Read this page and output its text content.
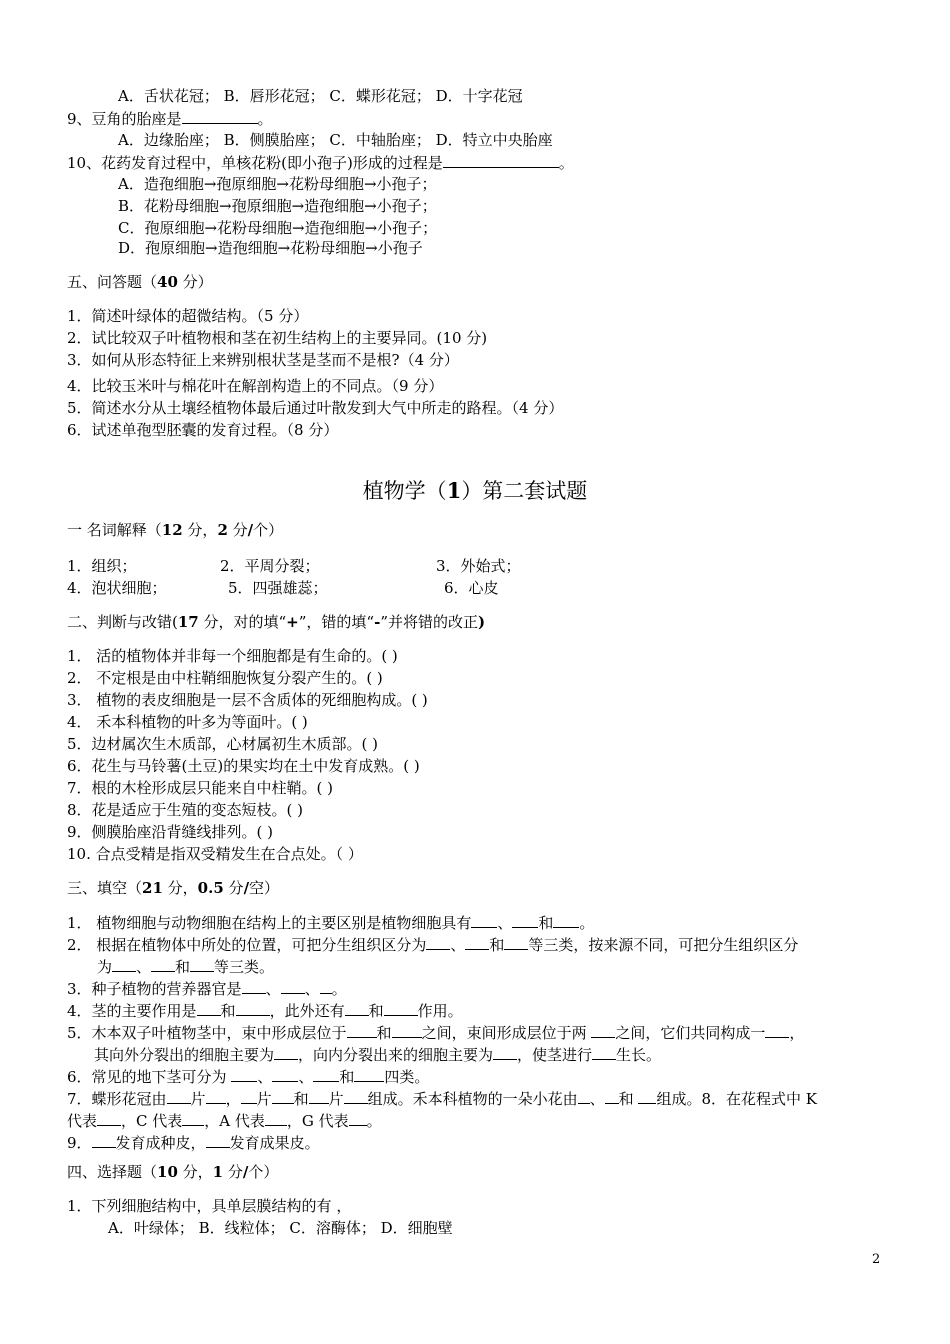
A．舌状花冠； B．唇形花冠； C．蝶形花冠； D．十字花冠
9、豆角的胎座是	。
A．边缘胎座； B．侧膜胎座； C．中轴胎座； D．特立中央胎座
10、花药发育过程中，单核花粉(即小孢子)形成的过程是	。
A．造孢细胞→孢原细胞→花粉母细胞→小孢子；
B．花粉母细胞→孢原细胞→造孢细胞→小孢子；
C．孢原细胞→花粉母细胞→造孢细胞→小孢子；
D．孢原细胞→造孢细胞→花粉母细胞→小孢子
五、问答题（40 分）
1．简述叶绿体的超微结构。（5 分）
2．试比较双子叶植物根和茎在初生结构上的主要异同。(10 分)
3．如何从形态特征上来辨别根状茎是茎而不是根?（4 分）
4．比较玉米叶与棉花叶在解剖构造上的不同点。（9 分）
5．简述水分从土壤经植物体最后通过叶散发到大气中所走的路程。（4 分）
6．试述单孢型胚囊的发育过程。（8 分）
植物学（1）第二套试题
一 名词解释（12 分，2 分/个）
1．组织；	2．平周分裂；	3．外始式；
4．泡状细胞；	5．四强雄蕊；	6．心皮
二、判断与改错(17 分，对的填“+”，错的填“-”并将错的改正)
1． 活的植物体并非每一个细胞都是有生命的。( )
2． 不定根是由中柱鞘细胞恢复分裂产生的。( )
3． 植物的表皮细胞是一层不含质体的死细胞构成。( )
4． 禾本科植物的叶多为等面叶。( )
5．边材属次生木质部，心材属初生木质部。( )
6．花生与马铃薯(土豆)的果实均在土中发育成熟。( )
7．根的木栓形成层只能来自中柱鞘。( )
8．花是适应于生殖的变态短枝。( )
9．侧膜胎座沿背缝线排列。( )
10. 合点受精是指双受精发生在合点处。（ ）
三、填空（21 分，0.5 分/空）
1． 植物细胞与动物细胞在结构上的主要区别是植物细胞具有 、 和 。
2． 根据在植物体中所处的位置，可把分生组织区分为 、 和 等三类，按来源不同，可把分生组织区分
为 、 和 等三类。
3．种子植物的营养器官是 、 、 。
4．茎的主要作用是 和 ，此外还有 和 作用。
5．木本双子叶植物茎中，束中形成层位于 和 之间，束间形成层位于两 之间，它们共同构成一 ，
其向外分裂出的细胞主要为 ，向内分裂出来的细胞主要为 ，使茎进行 生长。
6．常见的地下茎可分为 、 、 和 四类。
7．蝶形花冠由 片 ， 片 和 片 组成。禾本科植物的一朵小花由 、 和 组成。8．在花程式中 K
代表 ，C 代表 ，A 代表 ，G 代表 。
9． 发育成种皮， 发育成果皮。
四、选择题（10 分，1 分/个）
1．下列细胞结构中，具单层膜结构的有 ，
A．叶绿体； B．线粒体； C．溶酶体； D．细胞壁
2
